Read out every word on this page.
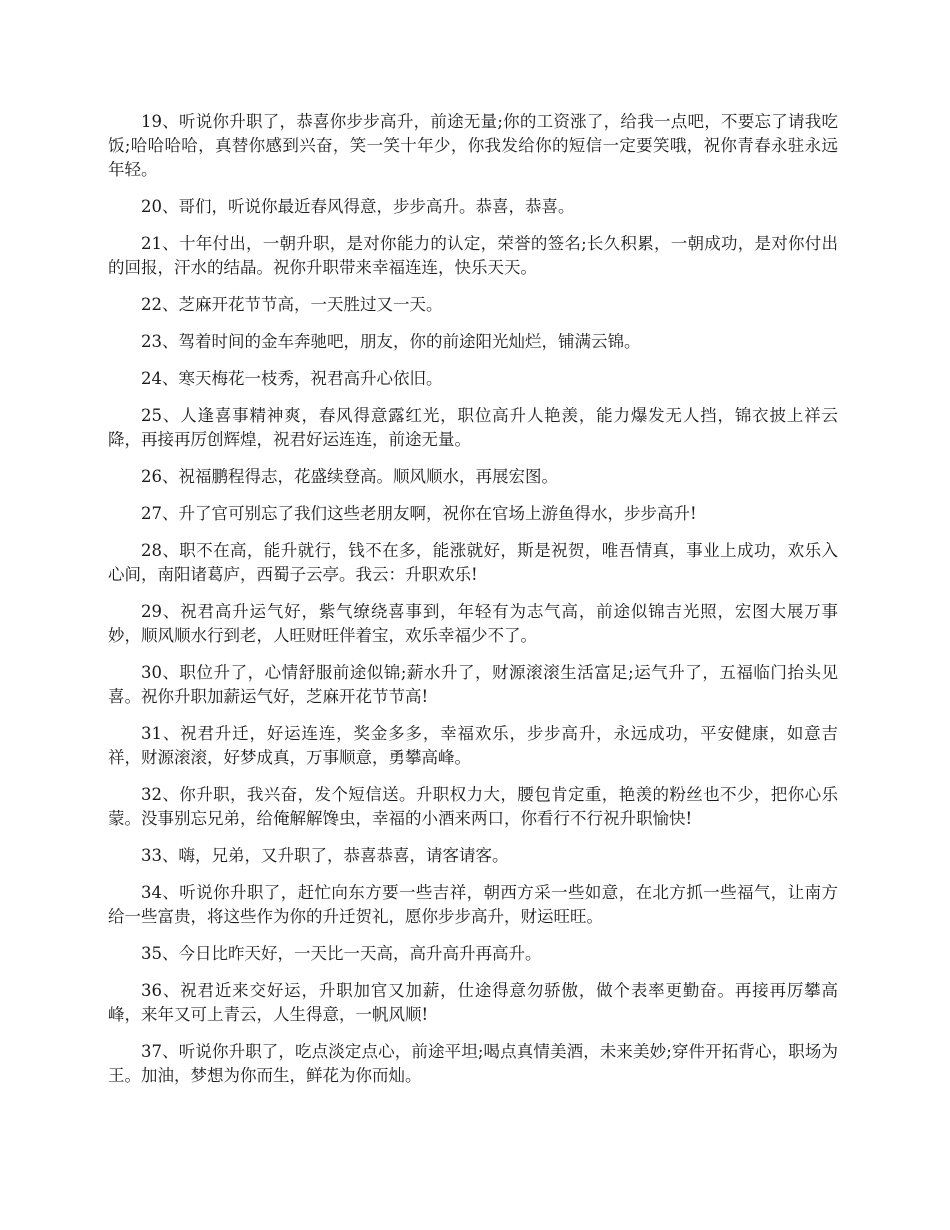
19、听说你升职了，恭喜你步步高升，前途无量;你的工资涨了，给我一点吧，不要忘了请我吃饭;哈哈哈哈，真替你感到兴奋，笑一笑十年少，你我发给你的短信一定要笑哦，祝你青春永驻永远年轻。

20、哥们，听说你最近春风得意，步步高升。恭喜，恭喜。

21、十年付出，一朝升职，是对你能力的认定，荣誉的签名;长久积累，一朝成功，是对你付出的回报，汗水的结晶。祝你升职带来幸福连连，快乐天天。

22、芝麻开花节节高，一天胜过又一天。

23、驾着时间的金车奔驰吧，朋友，你的前途阳光灿烂，铺满云锦。

24、寒天梅花一枝秀，祝君高升心依旧。

25、人逢喜事精神爽，春风得意露红光，职位高升人艳羡，能力爆发无人挡，锦衣披上祥云降，再接再厉创辉煌，祝君好运连连，前途无量。

26、祝福鹏程得志，花盛续登高。顺风顺水，再展宏图。

27、升了官可别忘了我们这些老朋友啊，祝你在官场上游鱼得水，步步高升!

28、职不在高，能升就行，钱不在多，能涨就好，斯是祝贺，唯吾情真，事业上成功，欢乐入心间，南阳诸葛庐，西蜀子云亭。我云：升职欢乐!

29、祝君高升运气好，紫气缭绕喜事到，年轻有为志气高，前途似锦吉光照，宏图大展万事妙，顺风顺水行到老，人旺财旺伴着宝，欢乐幸福少不了。

30、职位升了，心情舒服前途似锦;薪水升了，财源滚滚生活富足;运气升了，五福临门抬头见喜。祝你升职加薪运气好，芝麻开花节节高!

31、祝君升迁，好运连连，奖金多多，幸福欢乐，步步高升，永远成功，平安健康，如意吉祥，财源滚滚，好梦成真，万事顺意，勇攀高峰。

32、你升职，我兴奋，发个短信送。升职权力大，腰包肯定重，艳羡的粉丝也不少，把你心乐蒙。没事别忘兄弟，给俺解解馋虫，幸福的小酒来两口，你看行不行祝升职愉快!

33、嗨，兄弟，又升职了，恭喜恭喜，请客请客。

34、听说你升职了，赶忙向东方要一些吉祥，朝西方采一些如意，在北方抓一些福气，让南方给一些富贵，将这些作为你的升迁贺礼，愿你步步高升，财运旺旺。

35、今日比昨天好，一天比一天高，高升高升再高升。

36、祝君近来交好运，升职加官又加薪，仕途得意勿骄傲，做个表率更勤奋。再接再厉攀高峰，来年又可上青云，人生得意，一帆风顺!

37、听说你升职了，吃点淡定点心，前途平坦;喝点真情美酒，未来美妙;穿件开拓背心，职场为王。加油，梦想为你而生，鲜花为你而灿。
